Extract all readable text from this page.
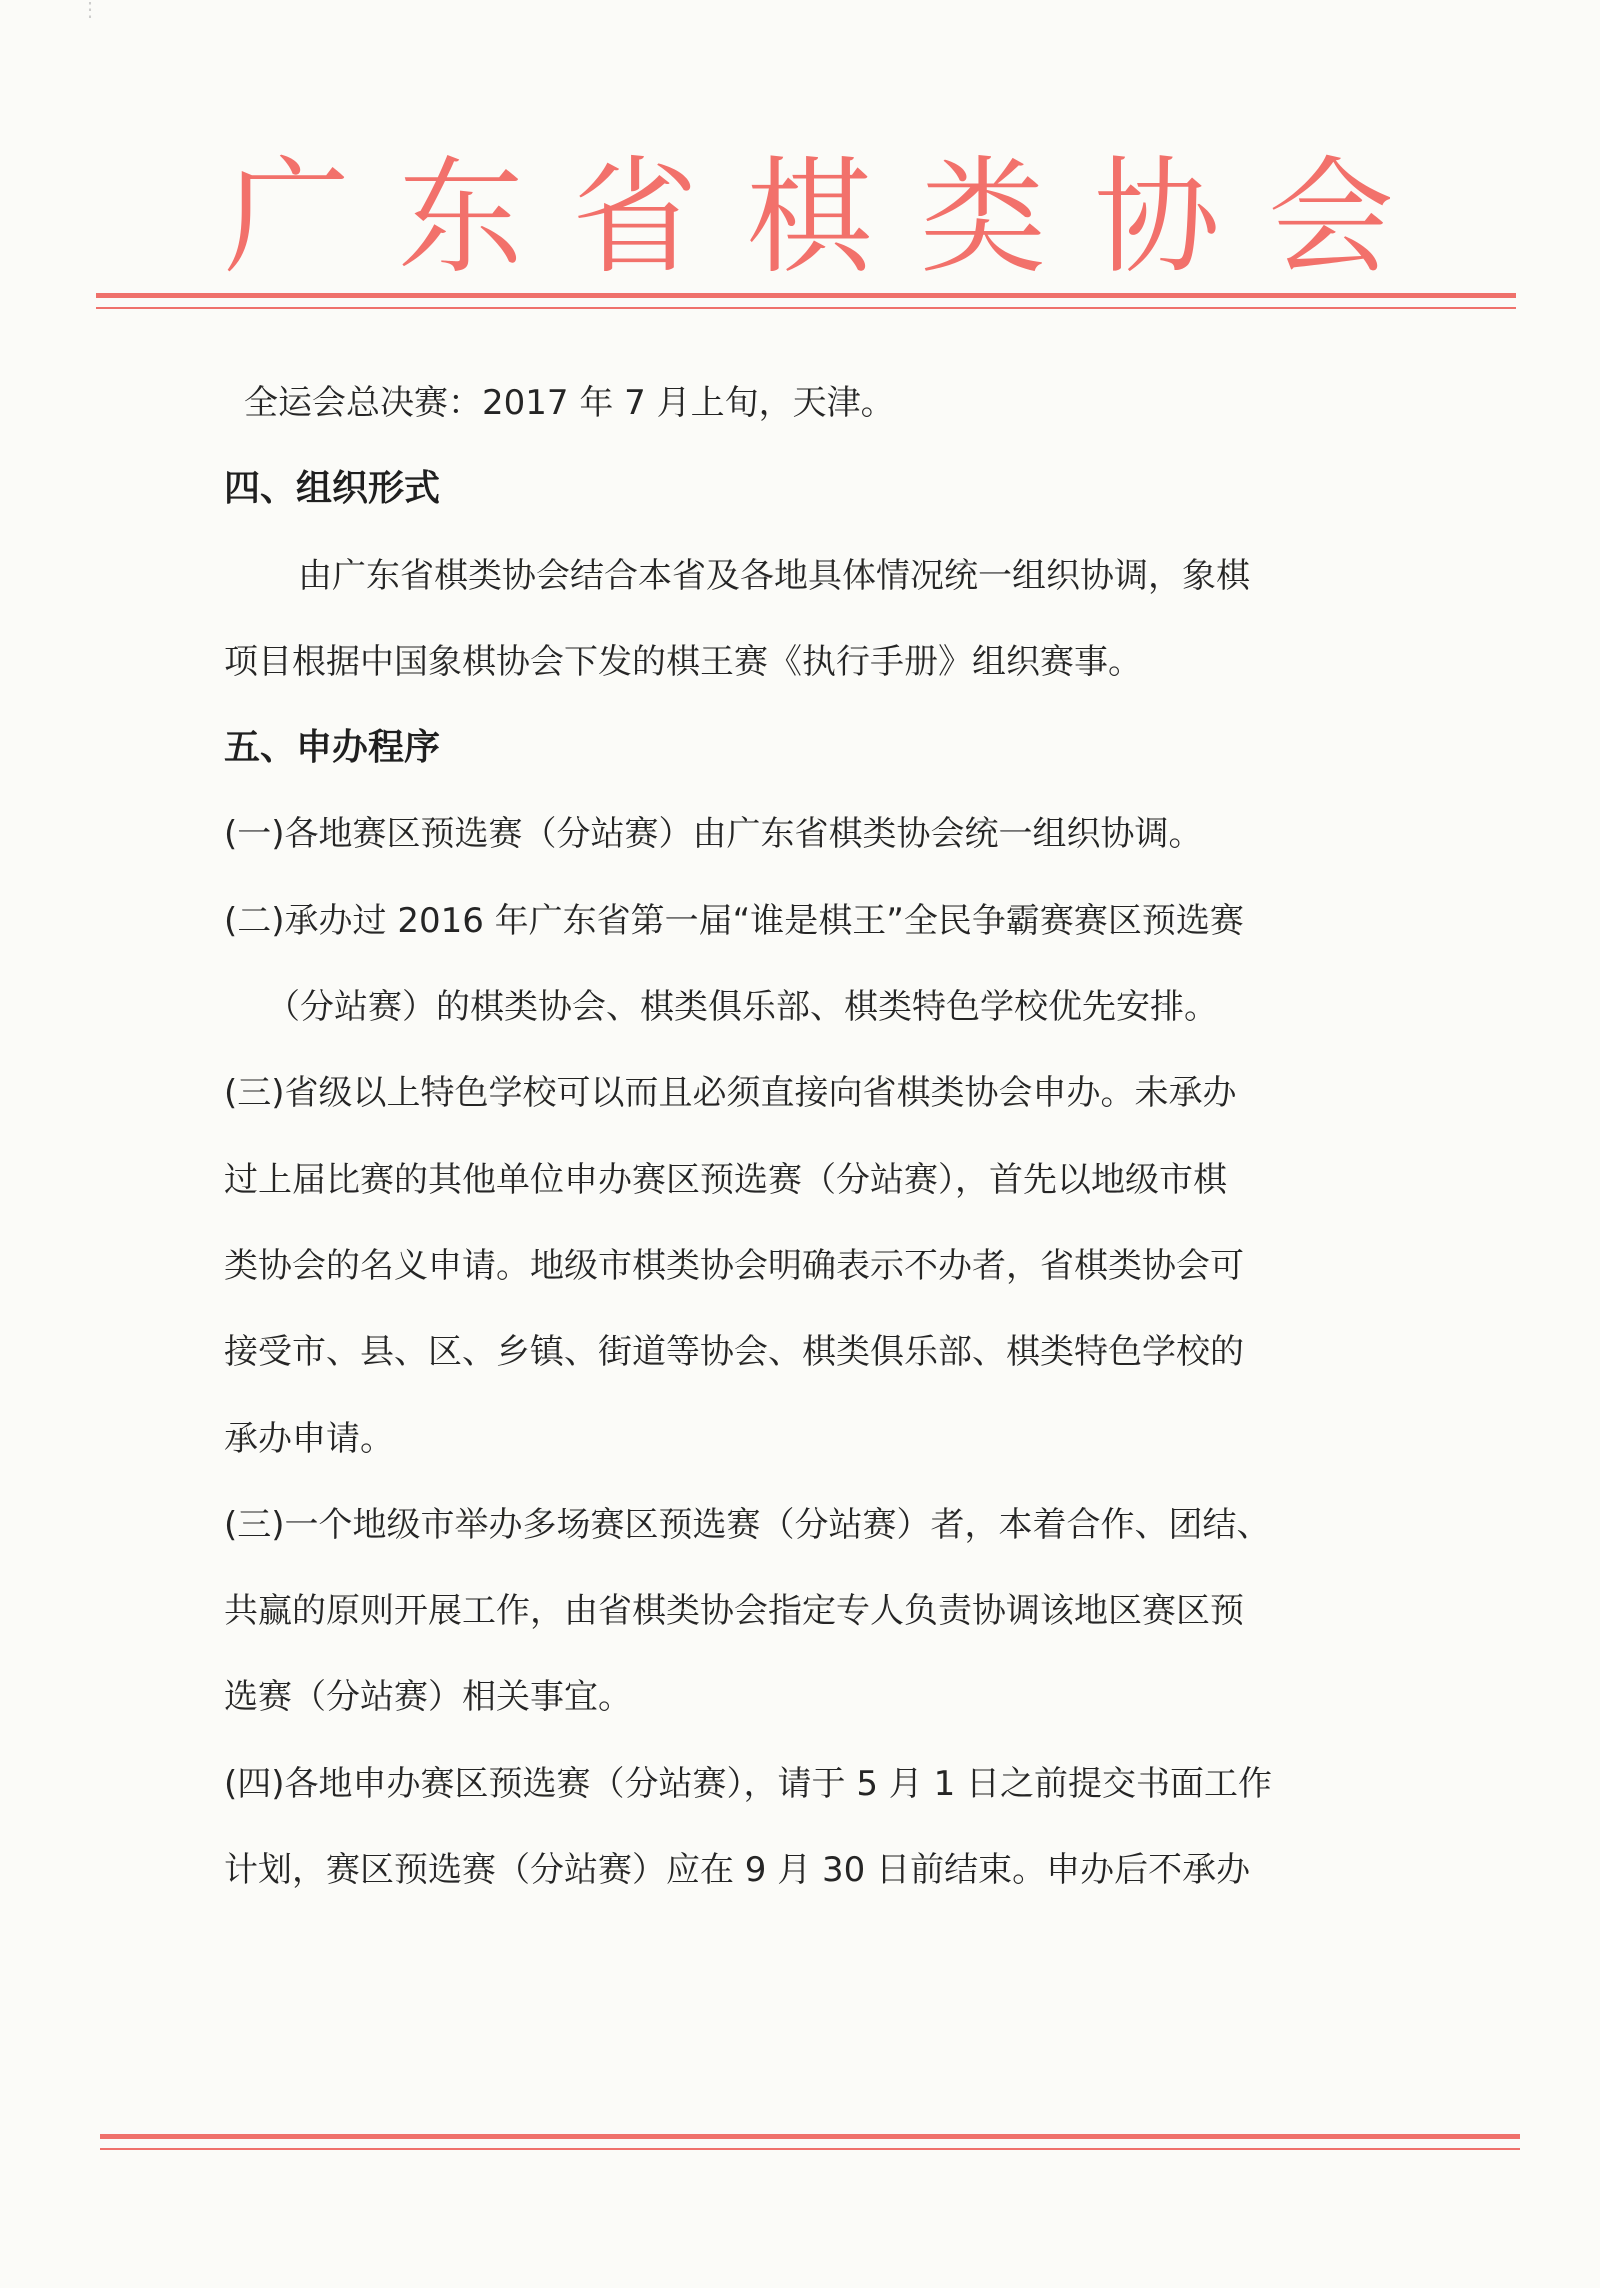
⋮
广 东 省 棋 类 协 会
全运会总决赛：2017 年 7 月上旬，天津。
四、组织形式
由广东省棋类协会结合本省及各地具体情况统一组织协调，象棋
项目根据中国象棋协会下发的棋王赛《执行手册》组织赛事。
五、申办程序
(一)各地赛区预选赛（分站赛）由广东省棋类协会统一组织协调。
(二)承办过 2016 年广东省第一届“谁是棋王”全民争霸赛赛区预选赛
（分站赛）的棋类协会、棋类俱乐部、棋类特色学校优先安排。
(三)省级以上特色学校可以而且必须直接向省棋类协会申办。未承办
过上届比赛的其他单位申办赛区预选赛（分站赛），首先以地级市棋
类协会的名义申请。地级市棋类协会明确表示不办者，省棋类协会可
接受市、县、区、乡镇、街道等协会、棋类俱乐部、棋类特色学校的
承办申请。
(三)一个地级市举办多场赛区预选赛（分站赛）者，本着合作、团结、
共赢的原则开展工作，由省棋类协会指定专人负责协调该地区赛区预
选赛（分站赛）相关事宜。
(四)各地申办赛区预选赛（分站赛），请于 5 月 1 日之前提交书面工作
计划，赛区预选赛（分站赛）应在 9 月 30 日前结束。申办后不承办
